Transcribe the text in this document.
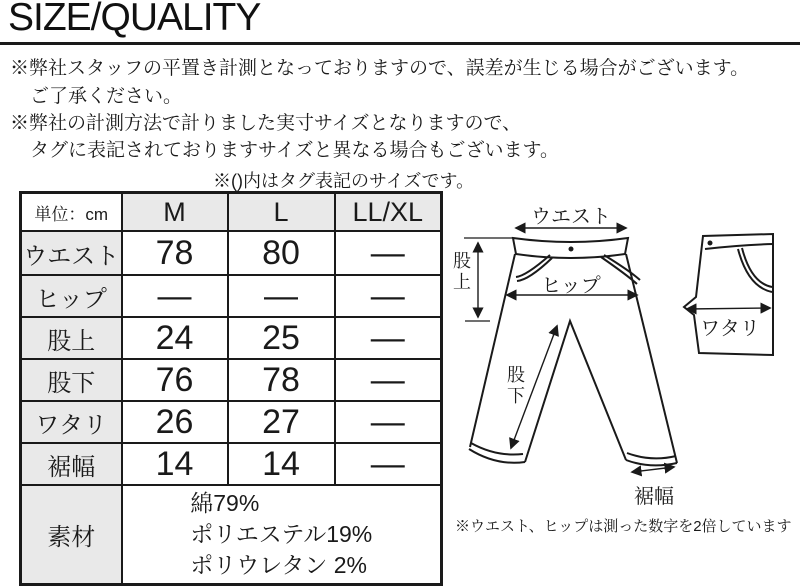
SIZE/QUALITY
※弊社スタッフの平置き計測となっておりますので、誤差が生じる場合がございます。
ご了承ください。
※弊社の計測方法で計りました実寸サイズとなりますので、
タグに表記されておりますサイズと異なる場合もございます。
※()内はタグ表記のサイズです。
単位：cm	M	L	LL/XL
ウエスト	78	80	—
ヒップ	—	—	—
股上	24	25	—
股下	76	78	—
ワタリ	26	27	—
裾幅	14	14	—
素材	綿79%
ポリエステル19%
ポリウレタン 2%		
ウエスト
股上	ヒップ
股下
裾幅
ワタリ
※ウエスト、ヒップは測った数字を2倍しています
